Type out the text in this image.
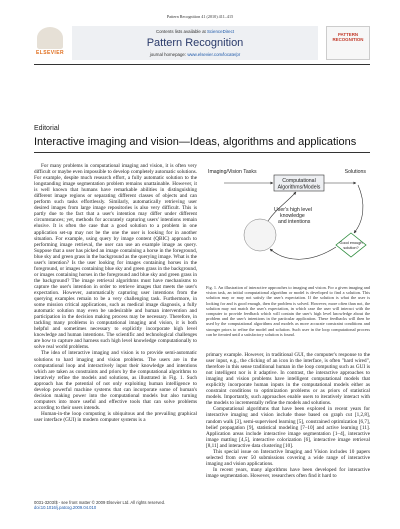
Pattern Recognition 41 (2010) 411–415
ELSEVIER
Contents lists available at ScienceDirect
Pattern Recognition
journal homepage: www.elsevier.com/locate/pr
PATTERN RECOGNITION
Editorial
Interactive imaging and vision—Ideas, algorithms and applications

For many problems in computational imaging and vision, it is often very difficult or maybe even impossible to develop completely automatic solutions. For example, despite much research effort, a fully automatic solution to the longstanding image segmentation problem remains unattainable. However, it is well known that humans have remarkable abilities in distinguishing different image regions or separating different classes of objects and can perform such tasks effortlessly. Similarly, automatically retrieving user desired images from large image repositories is also very difficult. This is partly due to the fact that a user's intention may differ under different circumstances; yet, methods for accurately capturing users' intentions remain elusive. It is often the case that a good solution to a problem in one application set-up may not be the one the user is looking for in another situation. For example, using query by image content (QBIC) approach to performing image retrieval, the user can use an example image as query. Suppose that a user has picked an image containing a horse in the foreground, blue sky and green grass in the background as the querying image. What is the user's intention? Is the user looking for images containing horses in the foreground, or images containing blue sky and green grass in the background, or images containing horses in the foreground and blue sky and green grass in the background? The image retrieval algorithms must have mechanisms to capture the user's intention in order to retrieve images that meets the user's expectation. However, automatically capturing user intentions from the querying examples remain to be a very challenging task. Furthermore, in some mission critical applications, such as medical image diagnosis, a fully automatic solution may even be undesirable and human intervention and participation in the decision making process may be necessary. Therefore, in tackling many problems in computational imaging and vision, it is both helpful and sometimes necessary to explicitly incorporate high level knowledge and human intentions. The scientific and technological challenges are how to capture and harness such high level knowledge computationally to solve real world problems.

The idea of interactive imaging and vision is to provide semi-automatic solutions to hard imaging and vision problems. The users are in the computational loop and interactively input their knowledge and intentions which are taken as constraints and priors by the computational algorithms to iteratively refine the models and solutions, as illustrated in Fig. 1. Such approach has the potential of not only exploiting human intelligence to develop powerful machine systems that can incorporate some of human's decision making power into the computational models but also turning computers into more useful and effective tools that can solve problems according to their users intends.

Human-in-the loop computing is ubiquitous and the prevailing graphical user interface (GUI) in modern computer systems is a

Imaging/Vision Tasks
Computational
Algorithms/Models
Solutions
User's high level
knowledge
and intentions
Good enough
solution?
Fig. 1. An illustration of interactive approaches to imaging and vision. For a given imaging and vision task, an initial computational algorithm or model is developed to find a solution. This solution may or may not satisfy the user's expectation. If the solution is what the user is looking for and is good enough, then the problem is solved. However, more often than not, the solution may not match the user's expectation, in which case the user will interact with the computer to provide feedback which will contain the user's high level knowledge about the problem and the user's intentions in the particular application. These feedbacks will then be used by the computational algorithms and models as more accurate constraint conditions and stronger priors to refine the model and solution. Such user in the loop computational process can be iterated until a satisfactory solution is found.

primary example. However, in traditional GUI, the computer's response to the user input, e.g., the clicking of an icon in the interface, is often "hard wired", therefore in this sense traditional human in the loop computing such as GUI is not intelligent nor is it adaptive. In contrast, the interactive approaches to imaging and vision problems have intelligent computational models that explicitly incorporate human inputs in the computational models either as constraint conditions to optimization problems or as priors of statistical models. Importantly, such approaches enable users to iteratively interact with the models to incrementally refine the models and solutions.

Computational algorithms that have been explored in recent years for interactive imaging and vision include those based on graph cut [1,2,8], random walk [3], semi-supervised learning [5], constrained optimization [6,7], belief propagation [9], statistical modeling [7–10] and active learning [11]. Application areas include interactive image segmentation [1–4], interactive image matting [4,5], interactive colorization [6], interactive image retrieval [8,11] and interactive data clustering [10].

This special issue on Interactive Imaging and Vision includes 10 papers selected from over 50 submissions covering a wide range of interactive imaging and vision applications.

In recent years, many algorithms have been developed for interactive image segmentation. However, researchers often find it hard to

0031-3203/$ - see front matter © 2009 Elsevier Ltd. All rights reserved.
doi:10.1016/j.patcog.2009.04.010
